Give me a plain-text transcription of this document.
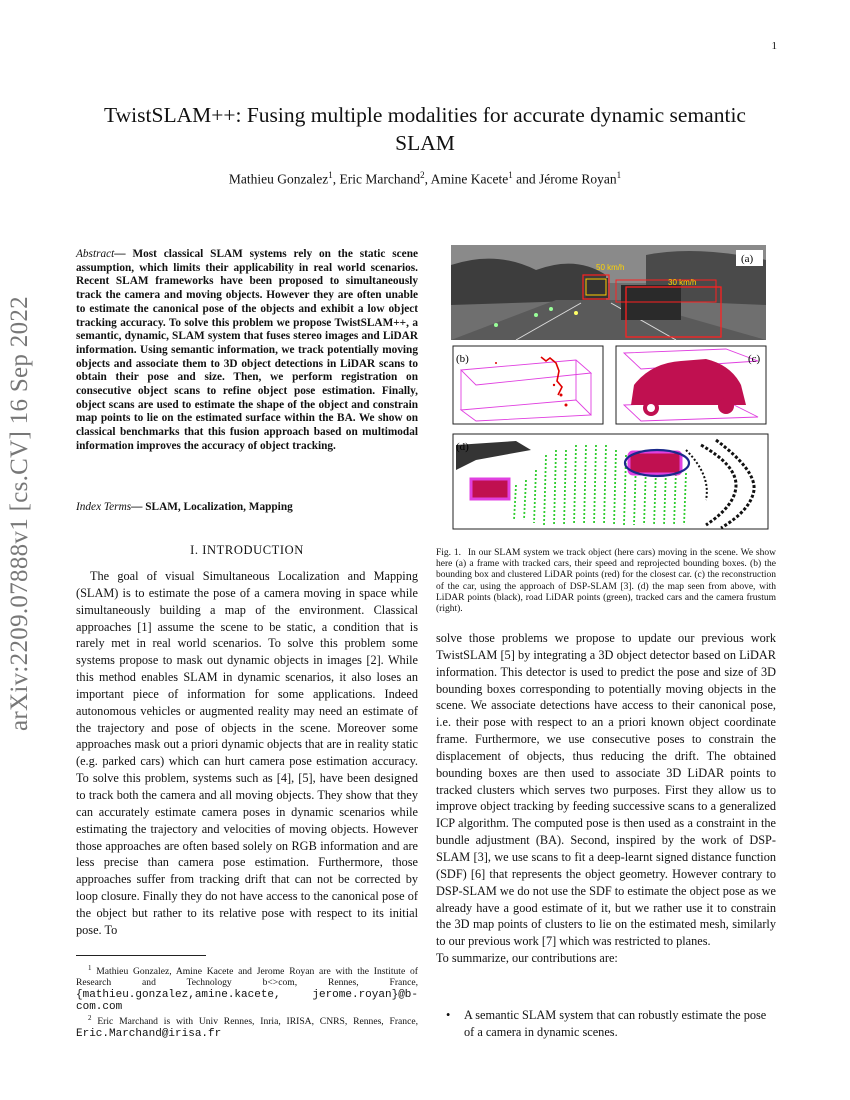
1
arXiv:2209.07888v1 [cs.CV] 16 Sep 2022
TwistSLAM++: Fusing multiple modalities for accurate dynamic semantic SLAM
Mathieu Gonzalez$^1$, Eric Marchand$^2$, Amine Kacete$^1$ and Jérome Royan$^1$
Abstract— Most classical SLAM systems rely on the static scene assumption, which limits their applicability in real world scenarios. Recent SLAM frameworks have been proposed to simultaneously track the camera and moving objects. However they are often unable to estimate the canonical pose of the objects and exhibit a low object tracking accuracy. To solve this problem we propose TwistSLAM++, a semantic, dynamic, SLAM system that fuses stereo images and LiDAR information. Using semantic information, we track potentially moving objects and associate them to 3D object detections in LiDAR scans to obtain their pose and size. Then, we perform registration on consecutive object scans to refine object pose estimation. Finally, object scans are used to estimate the shape of the object and constrain map points to lie on the estimated surface within the BA. We show on classical benchmarks that this fusion approach based on multimodal information improves the accuracy of object tracking.
Index Terms— SLAM, Localization, Mapping
I. INTRODUCTION

The goal of visual Simultaneous Localization and Mapping (SLAM) is to estimate the pose of a camera moving in space while simultaneously building a map of the environment. Classical approaches [1] assume the scene to be static, a condition that is rarely met in real world scenarios. To solve this problem some systems propose to mask out dynamic objects in images [2]. While this method enables SLAM in dynamic scenarios, it also loses an important piece of information for some applications. Indeed autonomous vehicles or augmented reality may need an estimate of the trajectory and pose of objects in the scene. Moreover some approaches mask out a priori dynamic objects that are in reality static (e.g. parked cars) which can hurt camera pose estimation accuracy. To solve this problem, systems such as [4], [5], have been designed to track both the camera and all moving objects. They show that they can accurately estimate camera poses in dynamic scenarios while estimating the trajectory and velocities of moving objects. However those approaches are often based solely on RGB information and are less precise than camera pose estimation. Furthermore, those approaches suffer from tracking drift that can not be corrected by loop closure. Finally they do not have access to the canonical pose of the object but rather to its relative pose with respect to its initial pose. To

$^1$ Mathieu Gonzalez, Amine Kacete and Jerome Royan are with the Institute of Research and Technology b<>com, Rennes, France, {mathieu.gonzalez,amine.kacete, jerome.royan}@b-com.com

$^2$ Eric Marchand is with Univ Rennes, Inria, IRISA, CNRS, Rennes, France, Eric.Marchand@irisa.fr

50 km/h
30 km/h
(a)
(b)	(c)
(d)
Fig. 1. In our SLAM system we track object (here cars) moving in the scene. We show here (a) a frame with tracked cars, their speed and reprojected bounding boxes. (b) the bounding box and clustered LiDAR points (red) for the closest car. (c) the reconstruction of the car, using the approach of DSP-SLAM [3]. (d) the map seen from above, with LiDAR points (black), road LiDAR points (green), tracked cars and the camera frustum (right).

solve those problems we propose to update our previous work TwistSLAM [5] by integrating a 3D object detector based on LiDAR information. This detector is used to predict the pose and size of 3D bounding boxes corresponding to potentially moving objects in the scene. We associate detections have access to their canonical pose, i.e. their pose with respect to an a priori known object coordinate frame. Furthermore, we use consecutive poses to constrain the displacement of objects, thus reducing the drift. The obtained bounding boxes are then used to associate 3D LiDAR points to tracked clusters which serves two purposes. First they allow us to improve object tracking by feeding successive scans to a generalized ICP algorithm. The computed pose is then used as a constraint in the bundle adjustment (BA). Second, inspired by the work of DSP-SLAM [3], we use scans to fit a deep-learnt signed distance function (SDF) [6] that represents the object geometry. However contrary to DSP-SLAM we do not use the SDF to estimate the object pose as we already have a good estimate of it, but we rather use it to constrain the 3D map points of clusters to lie on the estimated mesh, similarly to our previous work [7] which was restricted to planes.

To summarize, our contributions are:

•	A semantic SLAM system that can robustly estimate the pose of a camera in dynamic scenes.
